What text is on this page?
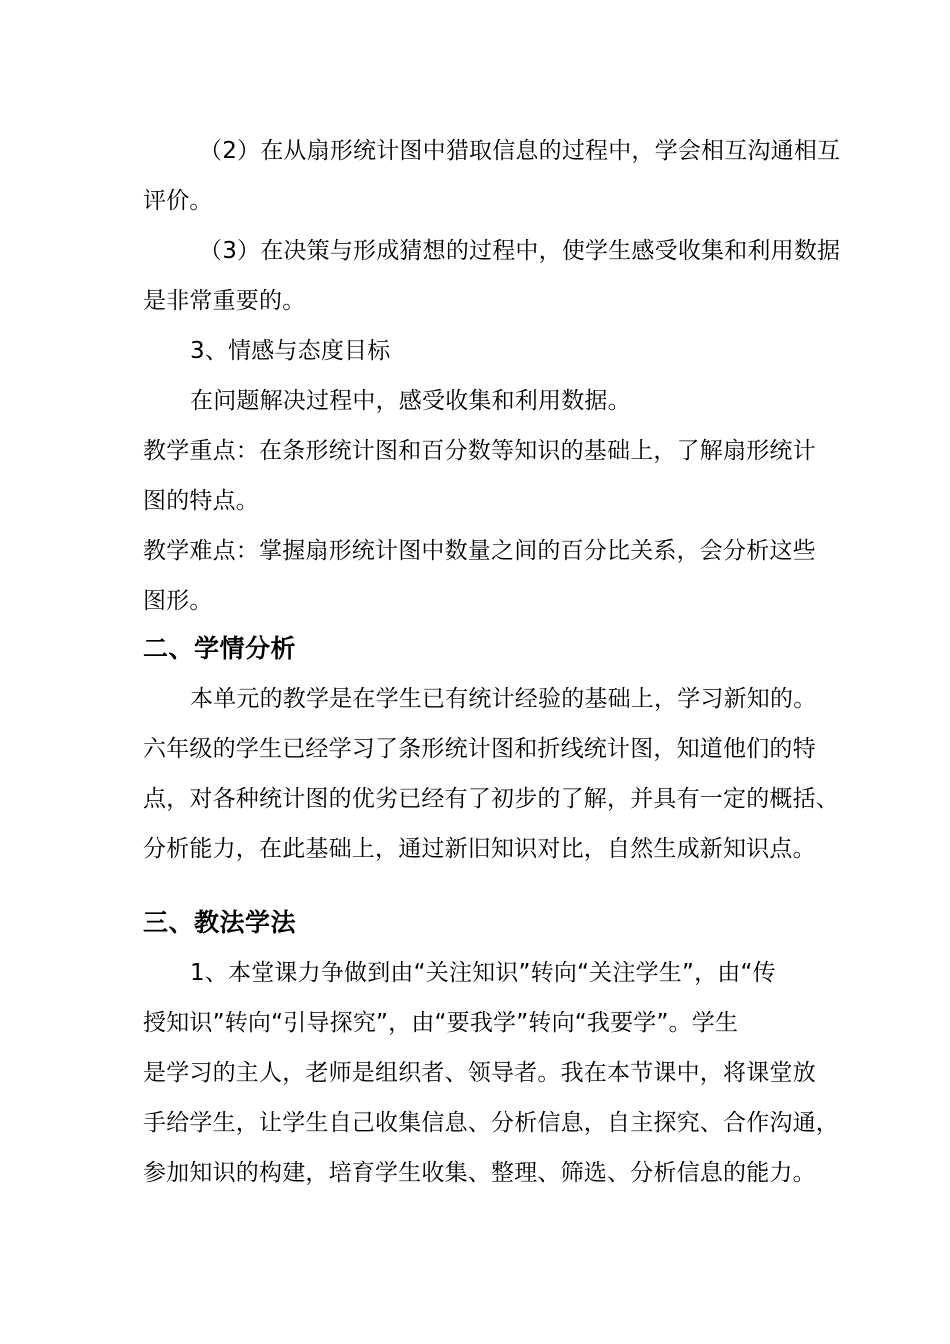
（2）在从扇形统计图中猎取信息的过程中，学会相互沟通相互
评价。
（3）在决策与形成猜想的过程中，使学生感受收集和利用数据
是非常重要的。
3、情感与态度目标
在问题解决过程中，感受收集和利用数据。
教学重点：在条形统计图和百分数等知识的基础上，了解扇形统计
图的特点。
教学难点：掌握扇形统计图中数量之间的百分比关系，会分析这些
图形。
二、学情分析
本单元的教学是在学生已有统计经验的基础上，学习新知的。
六年级的学生已经学习了条形统计图和折线统计图，知道他们的特
点，对各种统计图的优劣已经有了初步的了解，并具有一定的概括、
分析能力，在此基础上，通过新旧知识对比，自然生成新知识点。
三、教法学法
1、本堂课力争做到由“关注知识”转向“关注学生”，由“传
授知识”转向“引导探究”，由“要我学”转向“我要学”。学生
是学习的主人，老师是组织者、领导者。我在本节课中，将课堂放
手给学生，让学生自己收集信息、分析信息，自主探究、合作沟通，
参加知识的构建，培育学生收集、整理、筛选、分析信息的能力。
